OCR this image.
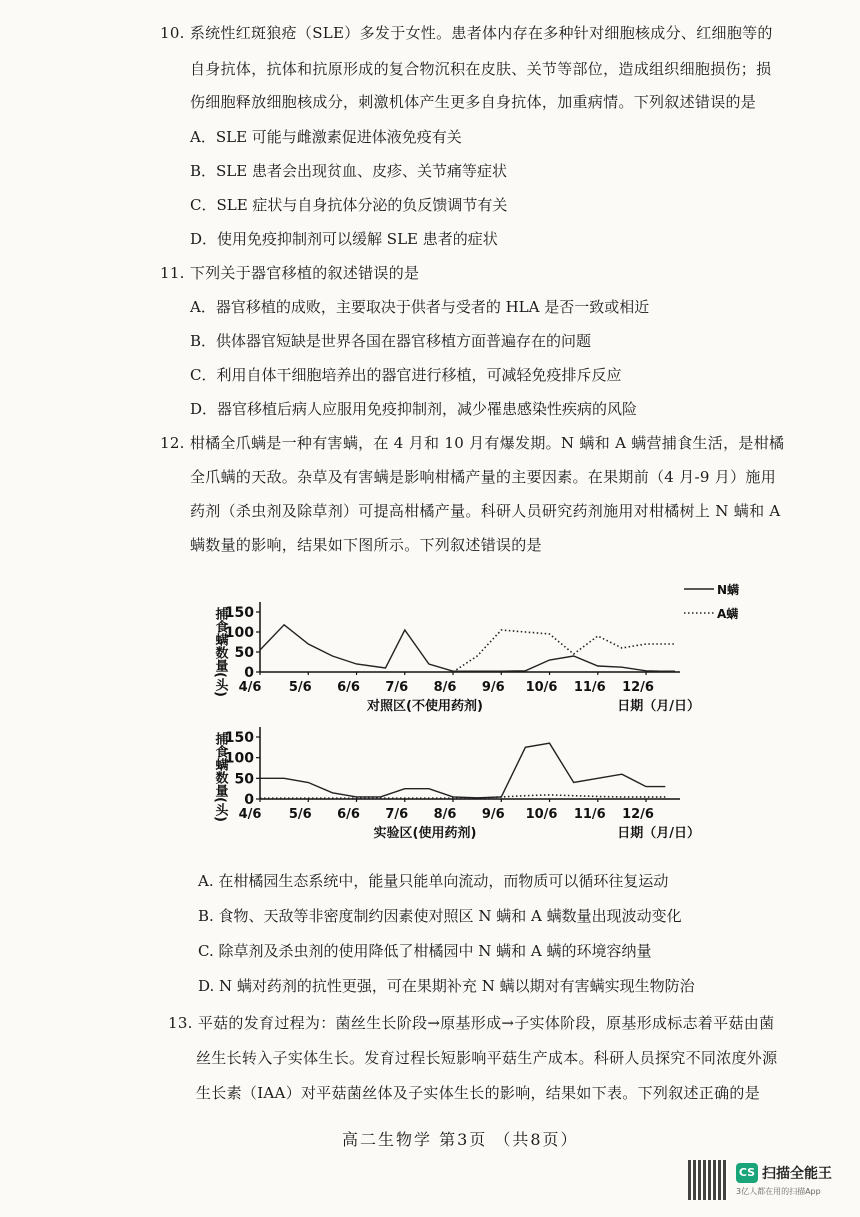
10. 系统性红斑狼疮（SLE）多发于女性。患者体内存在多种针对细胞核成分、红细胞等的
自身抗体，抗体和抗原形成的复合物沉积在皮肤、关节等部位，造成组织细胞损伤；损
伤细胞释放细胞核成分，刺激机体产生更多自身抗体，加重病情。下列叙述错误的是
A．SLE 可能与雌激素促进体液免疫有关
B．SLE 患者会出现贫血、皮疹、关节痛等症状
C．SLE 症状与自身抗体分泌的负反馈调节有关
D．使用免疫抑制剂可以缓解 SLE 患者的症状
11. 下列关于器官移植的叙述错误的是
A．器官移植的成败，主要取决于供者与受者的 HLA 是否一致或相近
B．供体器官短缺是世界各国在器官移植方面普遍存在的问题
C．利用自体干细胞培养出的器官进行移植，可减轻免疫排斥反应
D．器官移植后病人应服用免疫抑制剂，减少罹患感染性疾病的风险
12. 柑橘全爪螨是一种有害螨，在 4 月和 10 月有爆发期。N 螨和 A 螨营捕食生活，是柑橘
全爪螨的天敌。杂草及有害螨是影响柑橘产量的主要因素。在果期前（4 月-9 月）施用
药剂（杀虫剂及除草剂）可提高柑橘产量。科研人员研究药剂施用对柑橘树上 N 螨和 A
螨数量的影响，结果如下图所示。下列叙述错误的是
捕食螨数量(头) 0
50
100
150
4/6 5/6 6/6 7/6 8/6 9/6 10/6 11/6 12/6
对照区(不使用药剂)	日期（月/日）
N螨
A螨
捕食螨数量(头) 0
50
100
150
4/6 5/6 6/6 7/6 8/6 9/6 10/6 11/6 12/6
实验区(使用药剂)	日期（月/日）
A. 在柑橘园生态系统中，能量只能单向流动，而物质可以循环往复运动
B. 食物、天敌等非密度制约因素使对照区 N 螨和 A 螨数量出现波动变化
C. 除草剂及杀虫剂的使用降低了柑橘园中 N 螨和 A 螨的环境容纳量
D. N 螨对药剂的抗性更强，可在果期补充 N 螨以期对有害螨实现生物防治
13. 平菇的发育过程为：菌丝生长阶段→原基形成→子实体阶段，原基形成标志着平菇由菌
丝生长转入子实体生长。发育过程长短影响平菇生产成本。科研人员探究不同浓度外源
生长素（IAA）对平菇菌丝体及子实体生长的影响，结果如下表。下列叙述正确的是
高二生物学 第3页 （共8页）
CS 扫描全能王
3亿人都在用的扫描App
